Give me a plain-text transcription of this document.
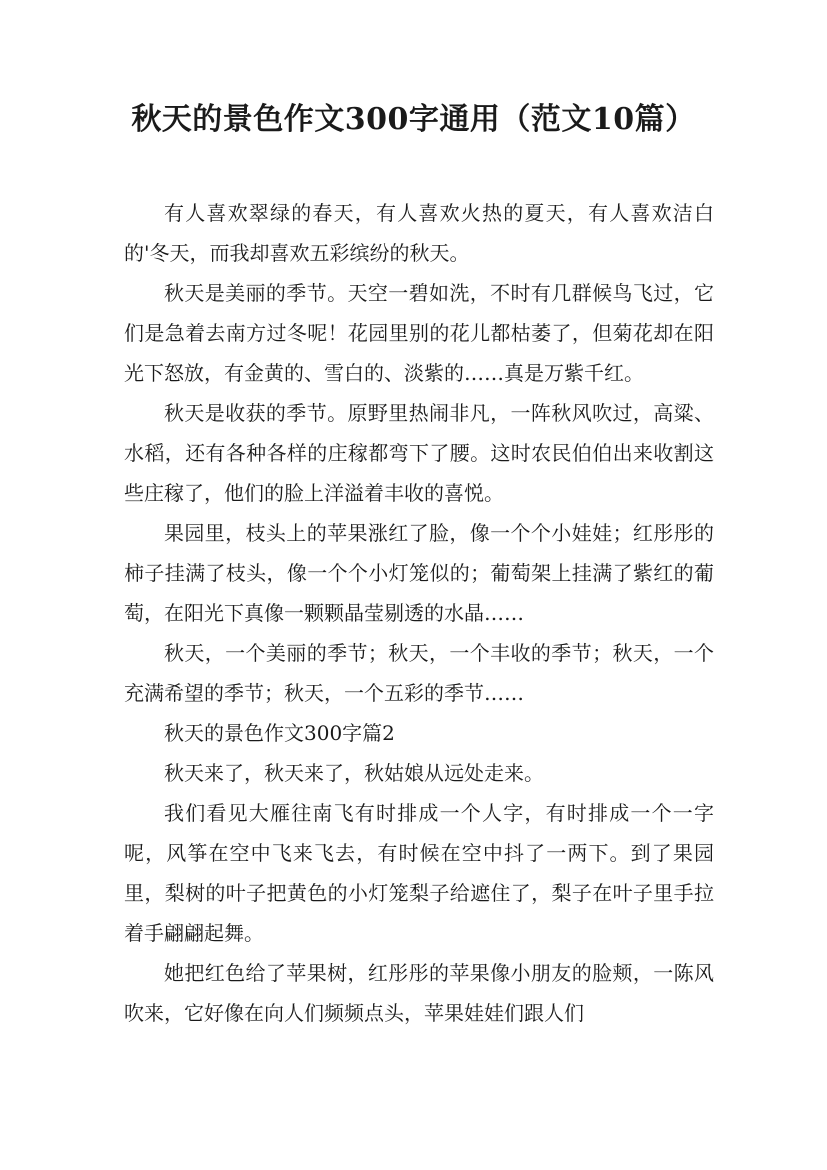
秋天的景色作文300字通用（范文10篇）

有人喜欢翠绿的春天，有人喜欢火热的夏天，有人喜欢洁白的'冬天，而我却喜欢五彩缤纷的秋天。

秋天是美丽的季节。天空一碧如洗，不时有几群候鸟飞过，它们是急着去南方过冬呢！花园里别的花儿都枯萎了，但菊花却在阳光下怒放，有金黄的、雪白的、淡紫的……真是万紫千红。

秋天是收获的季节。原野里热闹非凡，一阵秋风吹过，高粱、水稻，还有各种各样的庄稼都弯下了腰。这时农民伯伯出来收割这些庄稼了，他们的脸上洋溢着丰收的喜悦。

果园里，枝头上的苹果涨红了脸，像一个个小娃娃；红彤彤的柿子挂满了枝头，像一个个小灯笼似的；葡萄架上挂满了紫红的葡萄，在阳光下真像一颗颗晶莹剔透的水晶……

秋天，一个美丽的季节；秋天，一个丰收的季节；秋天，一个充满希望的季节；秋天，一个五彩的季节……

秋天的景色作文300字篇2

秋天来了，秋天来了，秋姑娘从远处走来。

我们看见大雁往南飞有时排成一个人字，有时排成一个一字呢，风筝在空中飞来飞去，有时候在空中抖了一两下。到了果园里，梨树的叶子把黄色的小灯笼梨子给遮住了，梨子在叶子里手拉着手翩翩起舞。

她把红色给了苹果树，红彤彤的苹果像小朋友的脸颊，一陈风吹来，它好像在向人们频频点头，苹果娃娃们跟人们
